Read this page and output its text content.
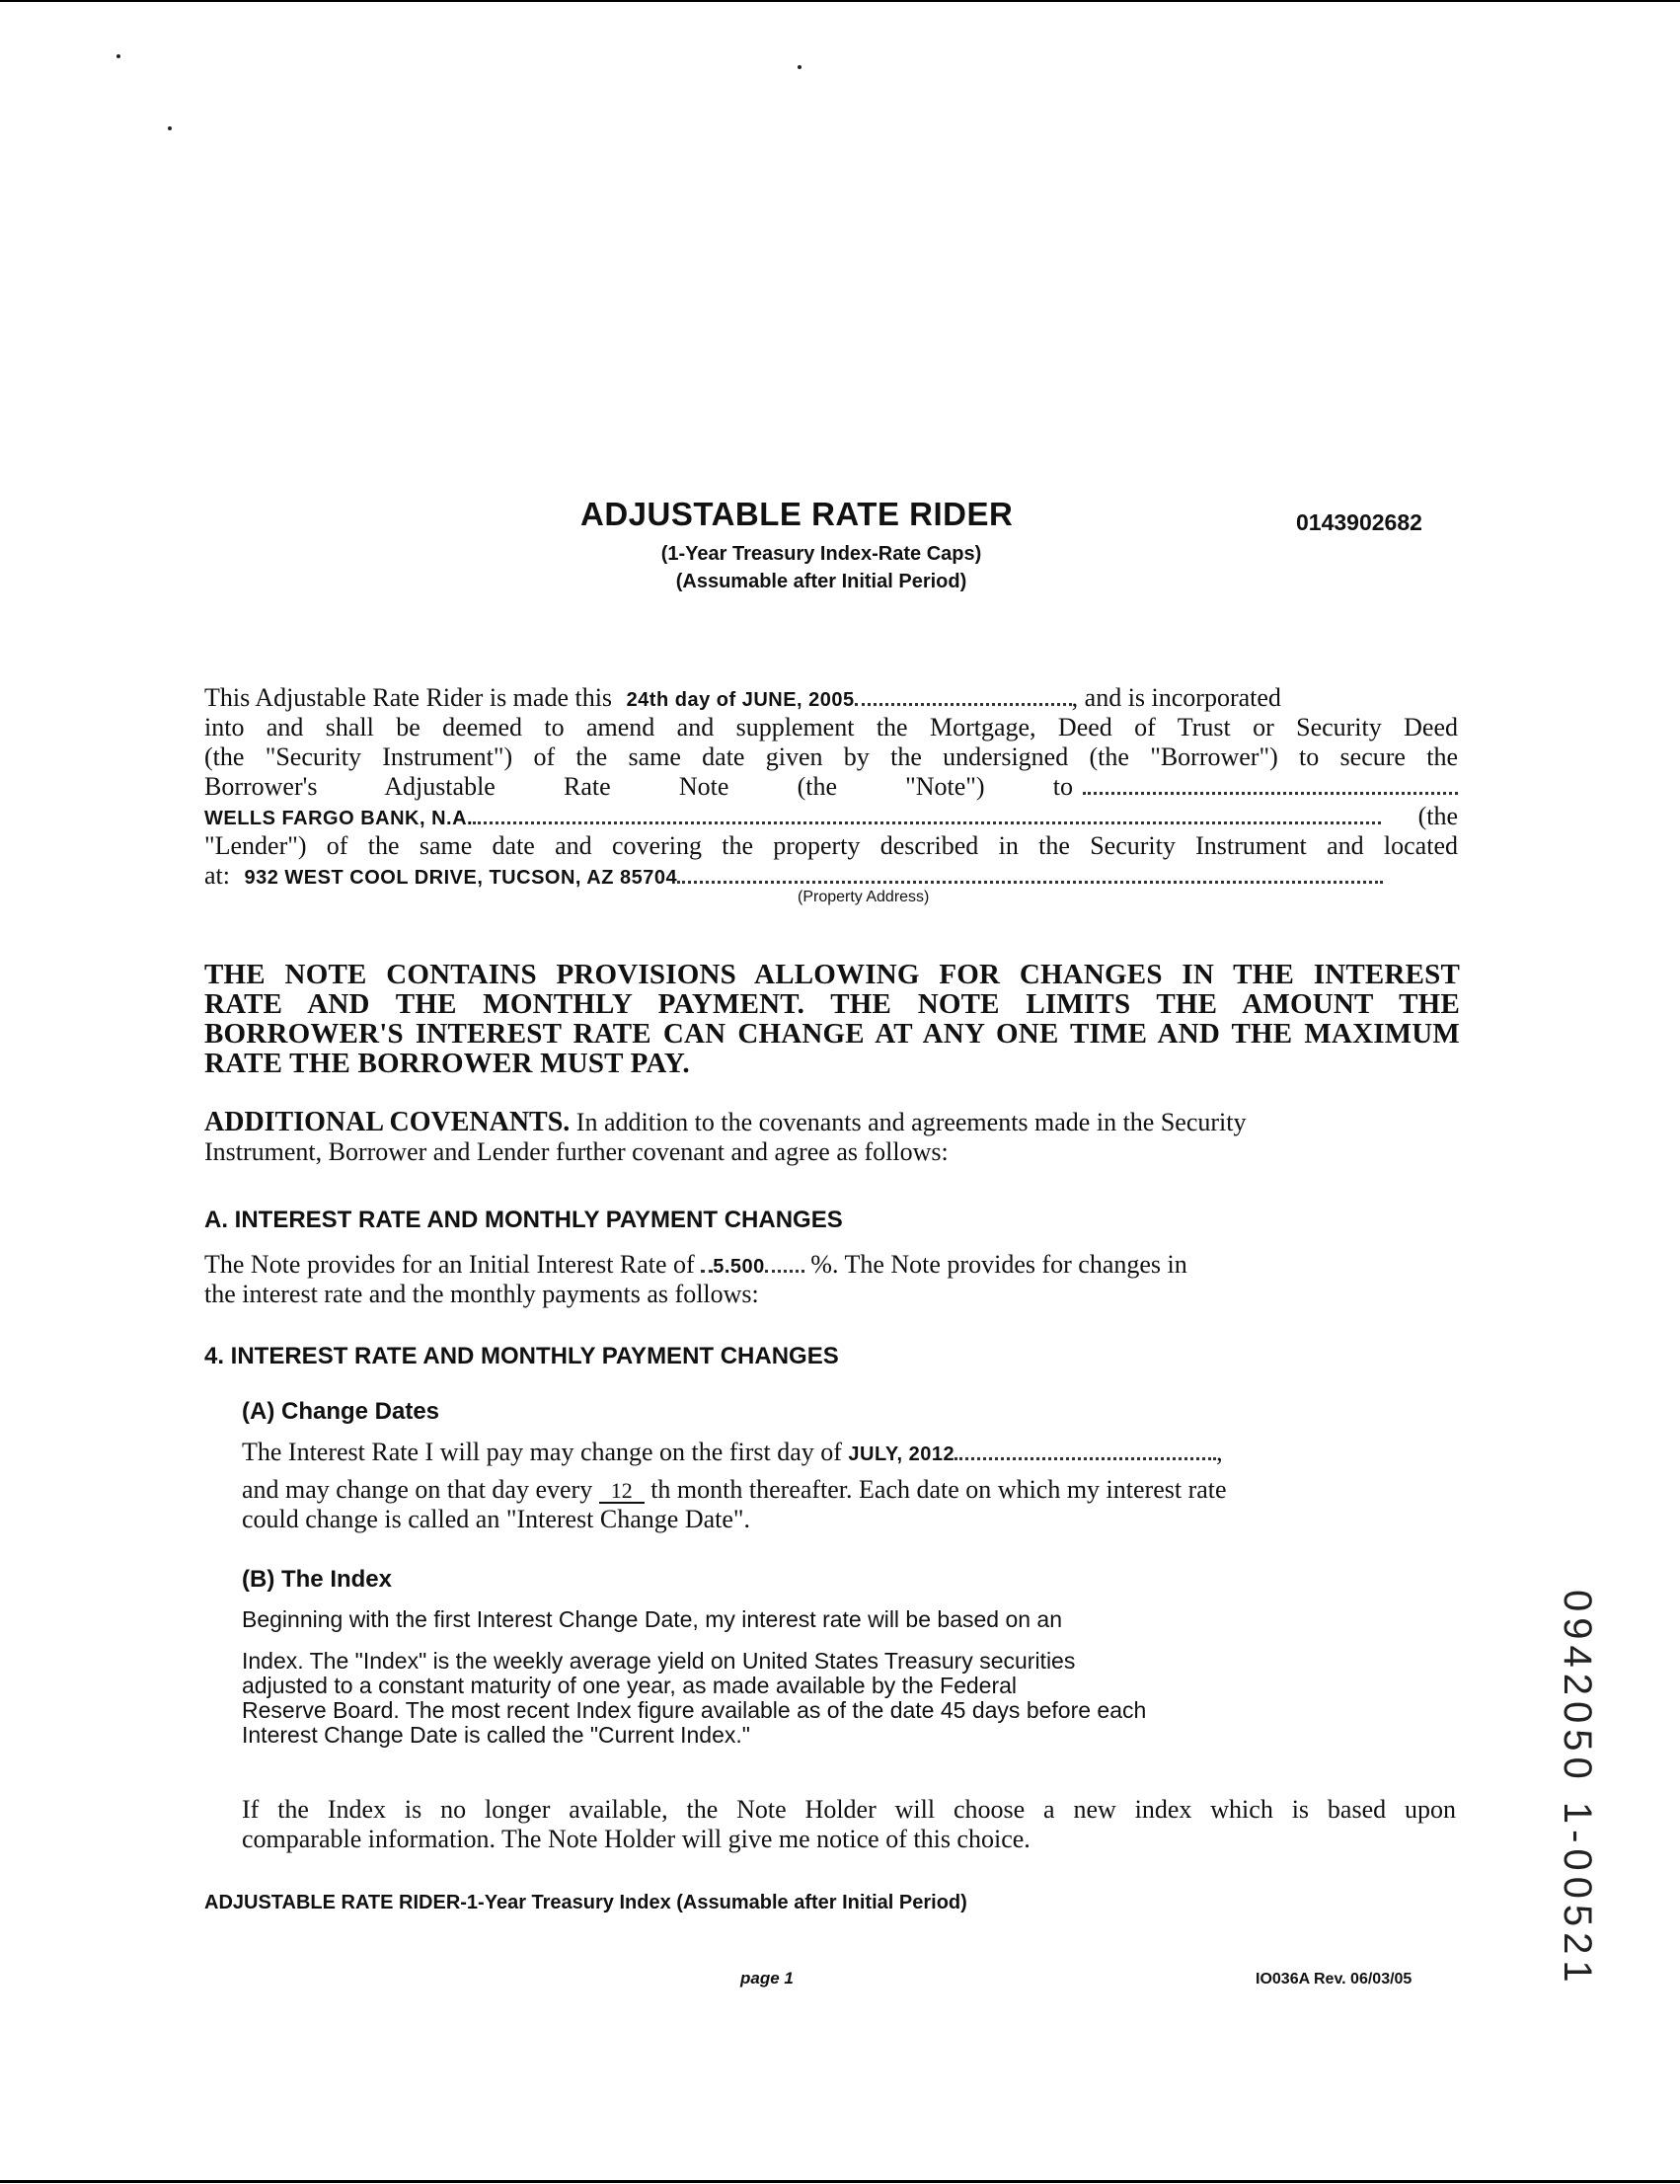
ADJUSTABLE RATE RIDER	0143902682
(1-Year Treasury Index-Rate Caps)
(Assumable after Initial Period)
This Adjustable Rate Rider is made this 24th day of JUNE, 2005	, and is incorporated
into and shall be deemed to amend and supplement the Mortgage, Deed of Trust or Security Deed
(the "Security Instrument") of the same date given by the undersigned (the "Borrower") to secure the
Borrower's	Adjustable	Rate	Note	(the	"Note")	to
WELLS FARGO BANK, N.A.	(the
"Lender") of the same date and covering the property described in the Security Instrument and located
at: 932 WEST COOL DRIVE, TUCSON, AZ 85704
(Property Address)
THE NOTE CONTAINS PROVISIONS ALLOWING FOR CHANGES IN THE INTEREST
RATE AND THE MONTHLY PAYMENT. THE NOTE LIMITS THE AMOUNT THE
BORROWER'S INTEREST RATE CAN CHANGE AT ANY ONE TIME AND THE MAXIMUM
RATE THE BORROWER MUST PAY.
ADDITIONAL COVENANTS. In addition to the covenants and agreements made in the Security
Instrument, Borrower and Lender further covenant and agree as follows:
A. INTEREST RATE AND MONTHLY PAYMENT CHANGES
The Note provides for an Initial Interest Rate of 5.500 %. The Note provides for changes in
the interest rate and the monthly payments as follows:
4. INTEREST RATE AND MONTHLY PAYMENT CHANGES
(A) Change Dates
The Interest Rate I will pay may change on the first day of JULY, 2012	,
and may change on that day every 12 th month thereafter. Each date on which my interest rate
could change is called an "Interest Change Date".
(B) The Index
Beginning with the first Interest Change Date, my interest rate will be based on an
Index. The "Index" is the weekly average yield on United States Treasury securities
adjusted to a constant maturity of one year, as made available by the Federal
Reserve Board. The most recent Index figure available as of the date 45 days before each
Interest Change Date is called the "Current Index."
If the Index is no longer available, the Note Holder will choose a new index which is based upon
comparable information. The Note Holder will give me notice of this choice.
ADJUSTABLE RATE RIDER-1-Year Treasury Index (Assumable after Initial Period)
page 1	IO036A Rev. 06/03/05	0942050 1-00521
